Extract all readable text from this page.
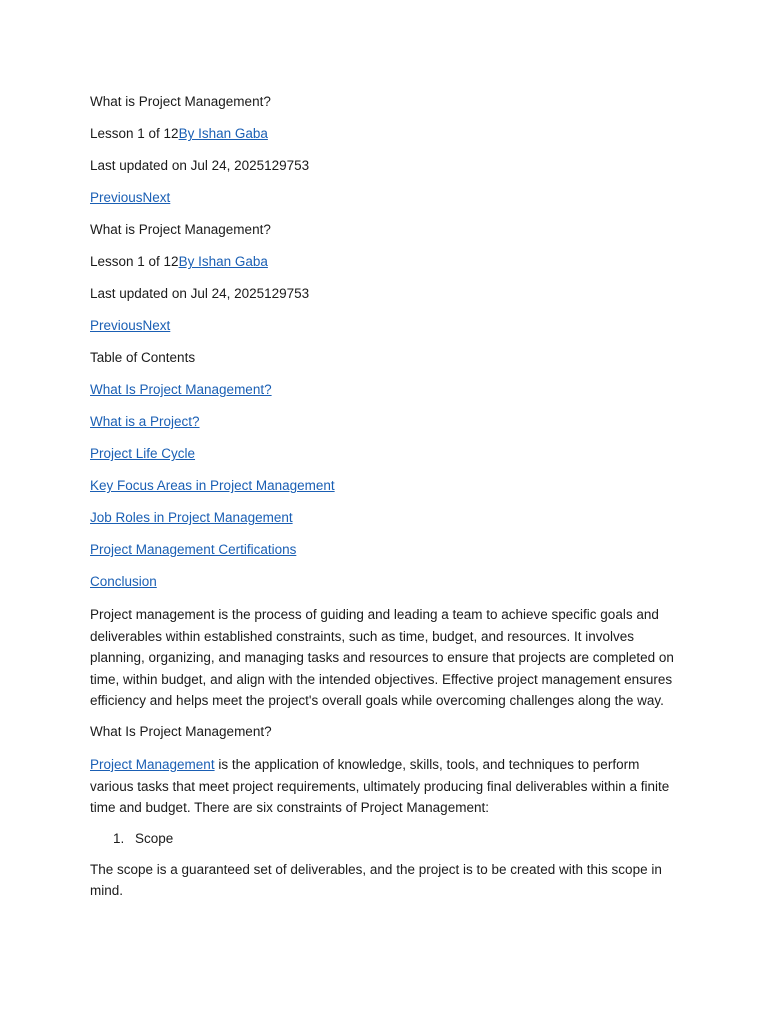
What is Project Management?
Lesson 1 of 12By Ishan Gaba
Last updated on Jul 24, 2025129753
PreviousNext
What is Project Management?
Lesson 1 of 12By Ishan Gaba
Last updated on Jul 24, 2025129753
PreviousNext
Table of Contents
What Is Project Management?
What is a Project?
Project Life Cycle
Key Focus Areas in Project Management
Job Roles in Project Management
Project Management Certifications
Conclusion

Project management is the process of guiding and leading a team to achieve specific goals and deliverables within established constraints, such as time, budget, and resources. It involves planning, organizing, and managing tasks and resources to ensure that projects are completed on time, within budget, and align with the intended objectives. Effective project management ensures efficiency and helps meet the project's overall goals while overcoming challenges along the way.

What Is Project Management?

Project Management is the application of knowledge, skills, tools, and techniques to perform various tasks that meet project requirements, ultimately producing final deliverables within a finite time and budget. There are six constraints of Project Management:

1. Scope

The scope is a guaranteed set of deliverables, and the project is to be created with this scope in mind.
